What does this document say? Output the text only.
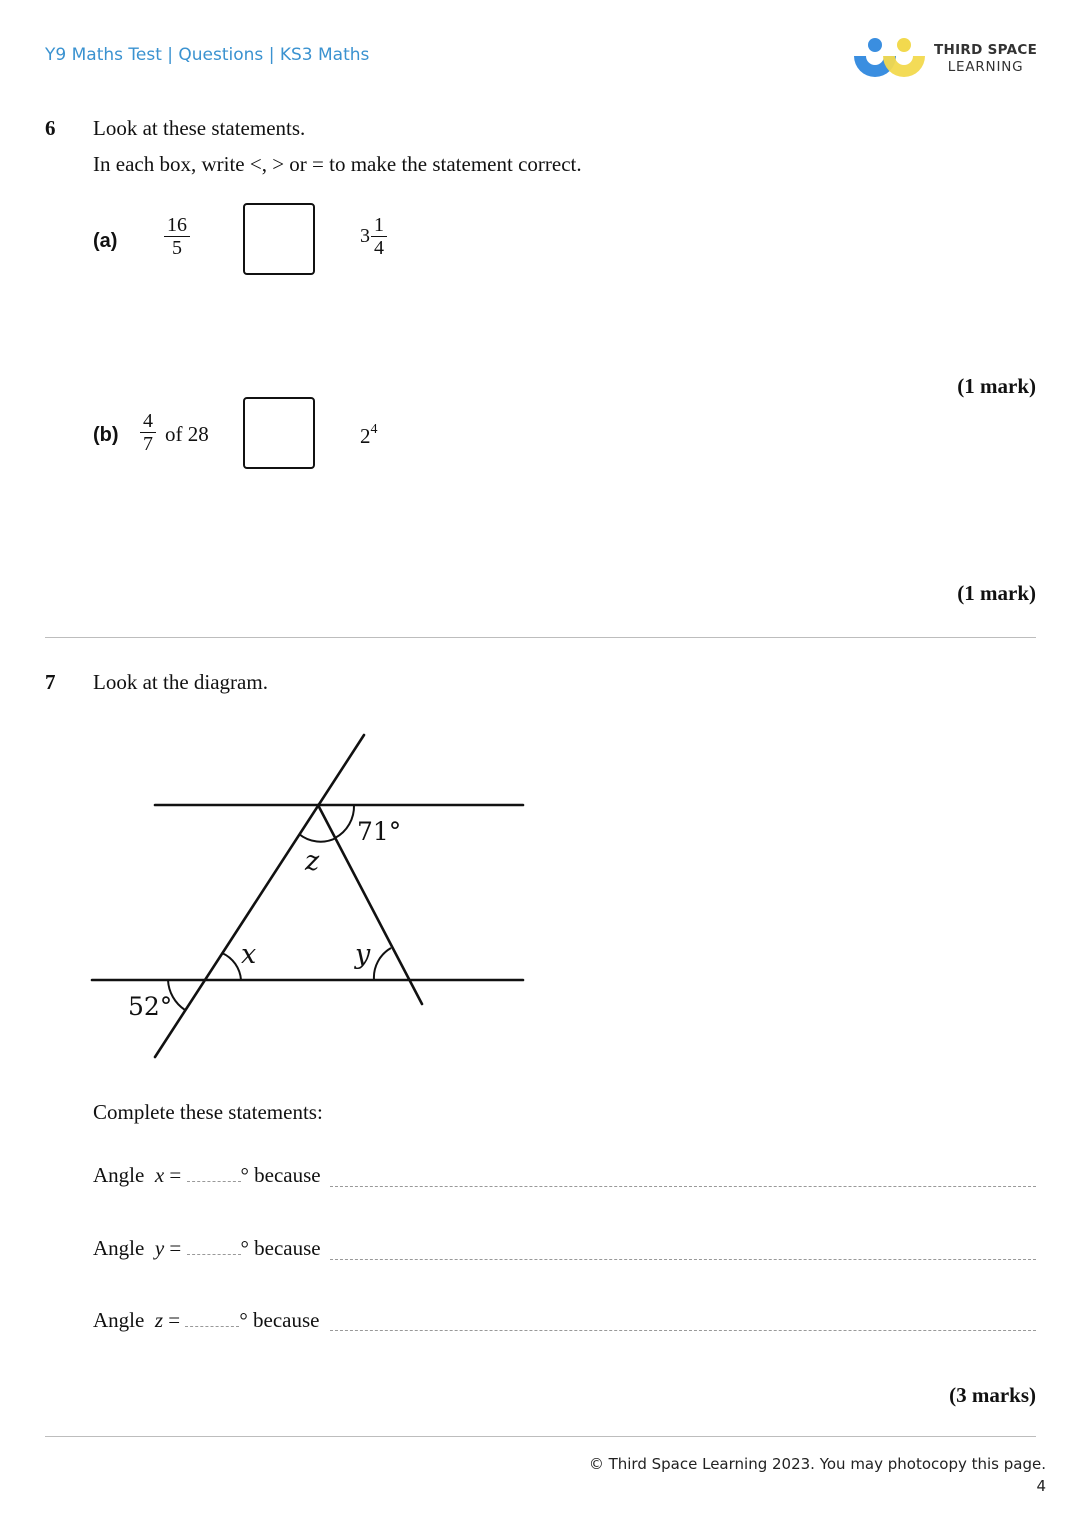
Y9 Maths Test | Questions | KS3 Maths	THIRD SPACE
LEARNING
6 Look at these statements.
In each box, write <, > or = to make the statement correct.
$(a) \frac{16}{5}$	$3 \frac{1}{4}$
(1 mark)
$(b) \frac{4}{7}$ of 28	$2^4$
(1 mark)
7 Look at the diagram.
71°
52°
z
x	y
Complete these statements:
Angle x =	° because
Angle y =	° because
Angle z =	° because
(3 marks)
© Third Space Learning 2023. You may photocopy this page.
4
